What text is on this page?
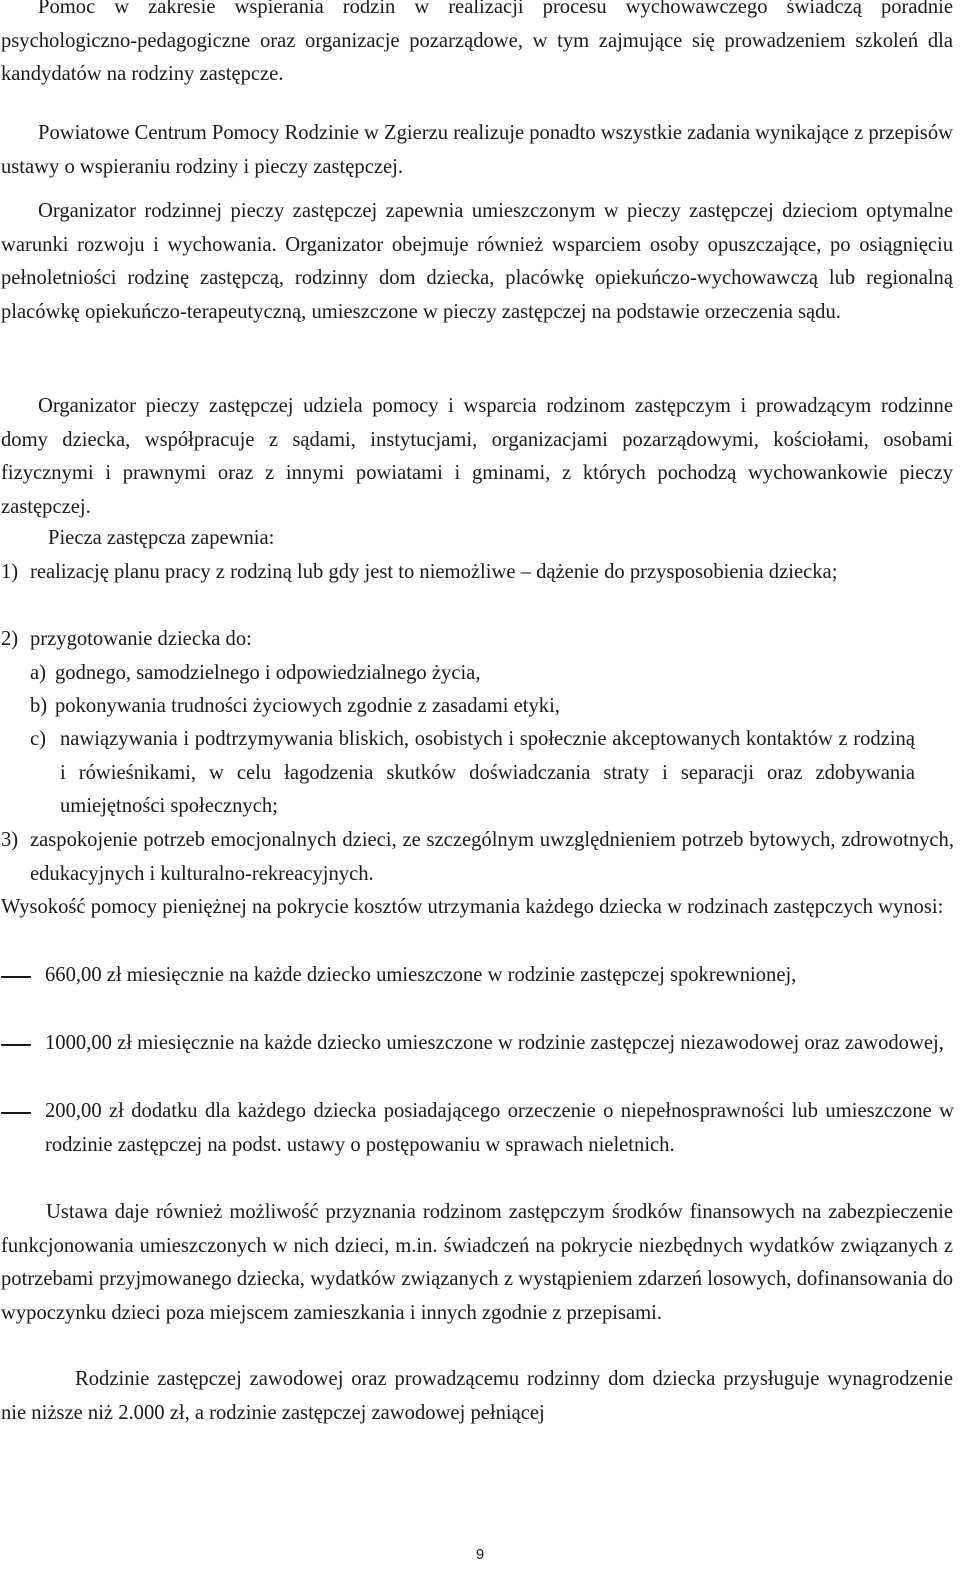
Pomoc w zakresie wspierania rodzin w realizacji procesu wychowawczego świadczą poradnie psychologiczno-pedagogiczne oraz organizacje pozarządowe, w tym zajmujące się prowadzeniem szkoleń dla kandydatów na rodziny zastępcze.

Powiatowe Centrum Pomocy Rodzinie w Zgierzu realizuje ponadto wszystkie zadania wynikające z przepisów ustawy o wspieraniu rodziny i pieczy zastępczej.

Organizator rodzinnej pieczy zastępczej zapewnia umieszczonym w pieczy zastępczej dzieciom optymalne warunki rozwoju i wychowania. Organizator obejmuje również wsparciem osoby opuszczające, po osiągnięciu pełnoletniości rodzinę zastępczą, rodzinny dom dziecka, placówkę opiekuńczo-wychowawczą lub regionalną placówkę opiekuńczo-terapeutyczną, umieszczone w pieczy zastępczej na podstawie orzeczenia sądu.

Organizator pieczy zastępczej udziela pomocy i wsparcia rodzinom zastępczym i prowadzącym rodzinne domy dziecka, współpracuje z sądami, instytucjami, organizacjami pozarządowymi, kościołami, osobami fizycznymi i prawnymi oraz z innymi powiatami i gminami, z których pochodzą wychowankowie pieczy zastępczej.

Piecza zastępcza zapewnia:

1) realizację planu pracy z rodziną lub gdy jest to niemożliwe – dążenie do przysposobienia dziecka;

2) przygotowanie dziecka do:

a) godnego, samodzielnego i odpowiedzialnego życia,

b) pokonywania trudności życiowych zgodnie z zasadami etyki,

c) nawiązywania i podtrzymywania bliskich, osobistych i społecznie akceptowanych kontaktów z rodziną i rówieśnikami, w celu łagodzenia skutków doświadczania straty i separacji oraz zdobywania umiejętności społecznych;

3) zaspokojenie potrzeb emocjonalnych dzieci, ze szczególnym uwzględnieniem potrzeb bytowych, zdrowotnych, edukacyjnych i kulturalno-rekreacyjnych.

Wysokość pomocy pieniężnej na pokrycie kosztów utrzymania każdego dziecka w rodzinach zastępczych wynosi:

660,00 zł miesięcznie na każde dziecko umieszczone w rodzinie zastępczej spokrewnionej,

1000,00 zł miesięcznie na każde dziecko umieszczone w rodzinie zastępczej niezawodowej oraz zawodowej,

200,00 zł dodatku dla każdego dziecka posiadającego orzeczenie o niepełnosprawności lub umieszczone w rodzinie zastępczej na podst. ustawy o postępowaniu w sprawach nieletnich.

Ustawa daje również możliwość przyznania rodzinom zastępczym środków finansowych na zabezpieczenie funkcjonowania umieszczonych w nich dzieci, m.in. świadczeń na pokrycie niezbędnych wydatków związanych z potrzebami przyjmowanego dziecka, wydatków związanych z wystąpieniem zdarzeń losowych, dofinansowania do wypoczynku dzieci poza miejscem zamieszkania i innych zgodnie z przepisami.

Rodzinie zastępczej zawodowej oraz prowadzącemu rodzinny dom dziecka przysługuje wynagrodzenie nie niższe niż 2.000 zł, a rodzinie zastępczej zawodowej pełniącej

9
